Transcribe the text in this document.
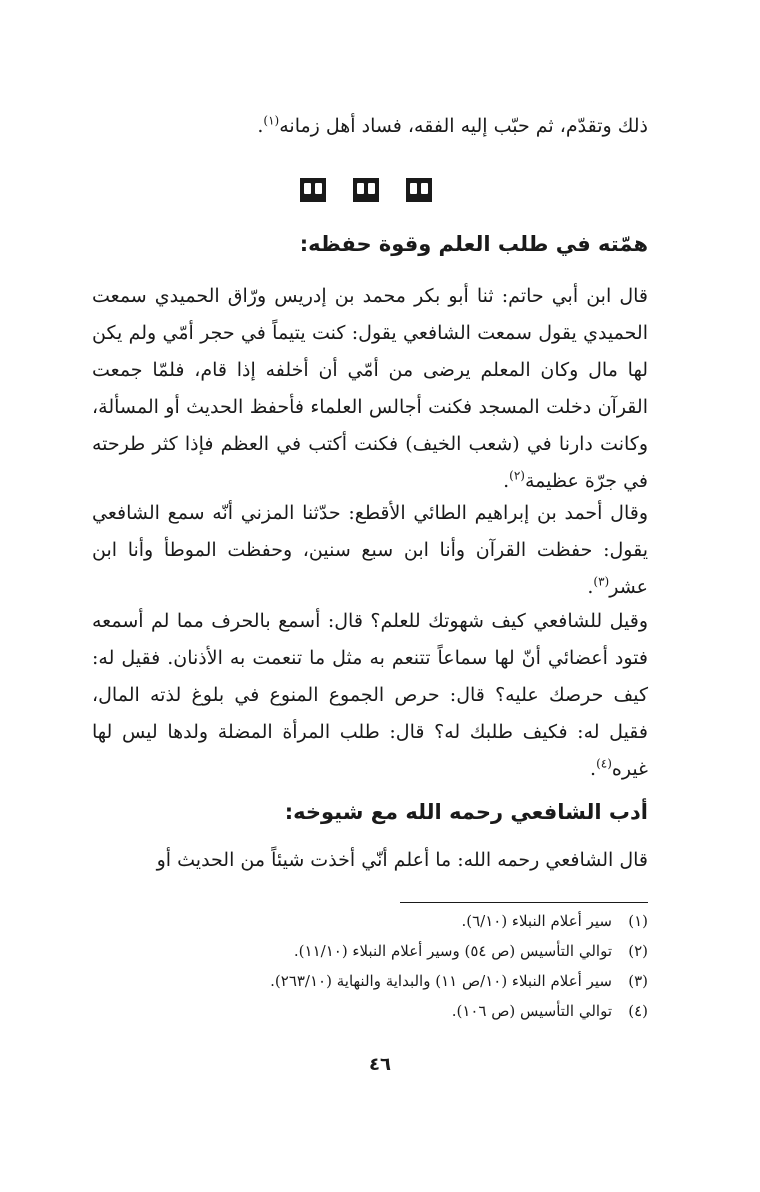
ذلك وتقدّم، ثم حبّب إليه الفقه، فساد أهل زمانه$^{(١)}$.
همّته في طلب العلم وقوة حفظه:
قال ابن أبي حاتم: ثنا أبو بكر محمد بن إدريس ورّاق الحميدي سمعت الحميدي يقول سمعت الشافعي يقول: كنت يتيماً في حجر أمّي ولم يكن لها مال وكان المعلم يرضى من أمّي أن أخلفه إذا قام، فلمّا جمعت القرآن دخلت المسجد فكنت أجالس العلماء فأحفظ الحديث أو المسألة، وكانت دارنا في (شعب الخيف) فكنت أكتب في العظم فإذا كثر طرحته في جرّة عظيمة$^{(٢)}$.
وقال أحمد بن إبراهيم الطائي الأقطع: حدّثنا المزني أنّه سمع الشافعي يقول: حفظت القرآن وأنا ابن سبع سنين، وحفظت الموطأ وأنا ابن عشر$^{(٣)}$.
وقيل للشافعي كيف شهوتك للعلم؟ قال: أسمع بالحرف مما لم أسمعه فتود أعضائي أنّ لها سماعاً تتنعم به مثل ما تنعمت به الأذنان. فقيل له: كيف حرصك عليه؟ قال: حرص الجموع المنوع في بلوغ لذته المال، فقيل له: فكيف طلبك له؟ قال: طلب المرأة المضلة ولدها ليس لها غيره$^{(٤)}$.
أدب الشافعي رحمه الله مع شيوخه:
قال الشافعي رحمه الله: ما أعلم أنّي أخذت شيئاً من الحديث أو
(١)
سير أعلام النبلاء (٦/١٠).
(٢)
توالي التأسيس (ص ٥٤) وسير أعلام النبلاء (١١/١٠).
(٣)
سير أعلام النبلاء (١٠/ص ١١) والبداية والنهاية (٢٦٣/١٠).
(٤)
توالي التأسيس (ص ١٠٦).
٤٦
